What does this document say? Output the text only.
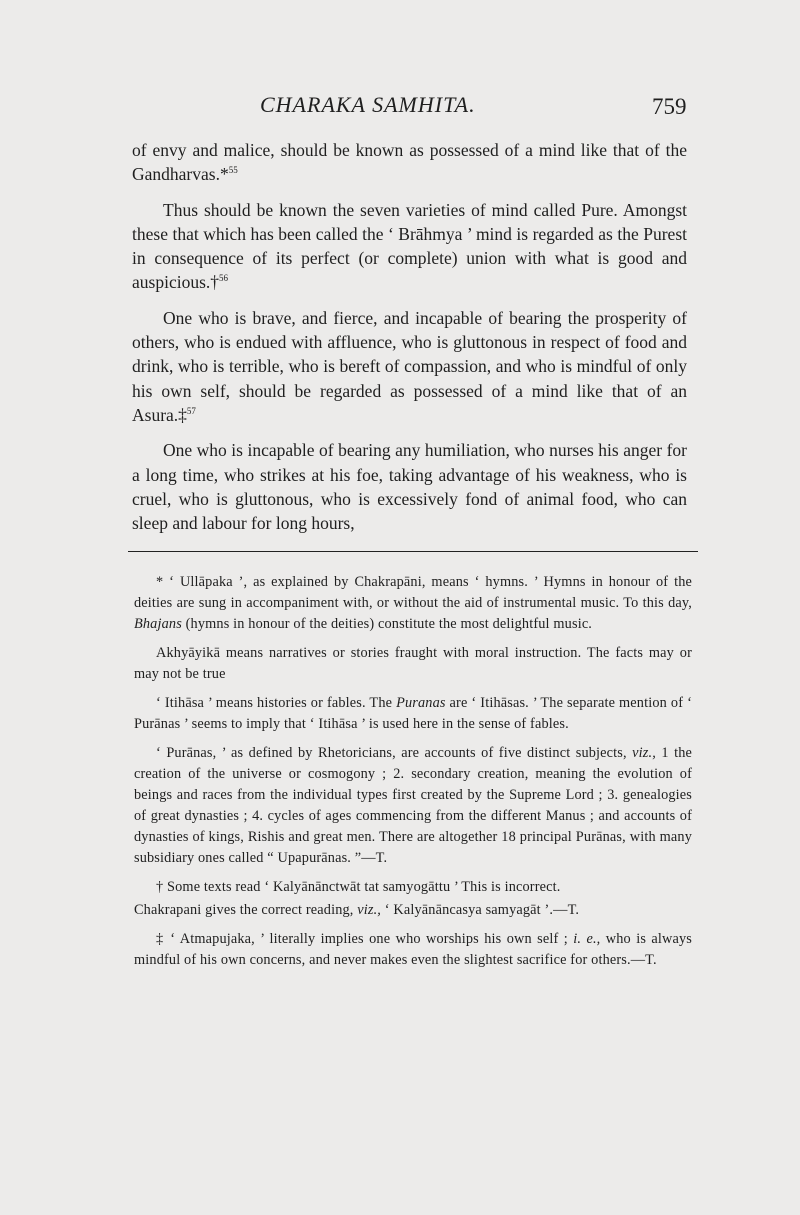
CHARAKA SAMHITA.	759

of envy and malice, should be known as possessed of a mind like that of the Gandharvas.*$^{55}$

Thus should be known the seven varieties of mind called Pure. Amongst these that which has been called the ‘ Brāhmya ’ mind is regarded as the Purest in consequence of its perfect (or complete) union with what is good and auspicious.†$^{56}$

One who is brave, and fierce, and incapable of bearing the prosperity of others, who is endued with affluence, who is gluttonous in respect of food and drink, who is terrible, who is bereft of compassion, and who is mindful of only his own self, should be regarded as possessed of a mind like that of an Asura.‡$^{57}$

One who is incapable of bearing any humiliation, who nurses his anger for a long time, who strikes at his foe, taking advantage of his weakness, who is cruel, who is gluttonous, who is excessively fond of animal food, who can sleep and labour for long hours,

* ‘ Ullāpaka ’, as explained by Chakrapāni, means ‘ hymns. ’ Hymns in honour of the deities are sung in accompaniment with, or without the aid of instrumental music. To this day, Bhajans (hymns in honour of the deities) constitute the most delightful music.

Akhyāyikā means narratives or stories fraught with moral instruction. The facts may or may not be true

‘ Itihāsa ’ means histories or fables. The Puranas are ‘ Itihāsas. ’ The separate mention of ‘ Purānas ’ seems to imply that ‘ Itihāsa ’ is used here in the sense of fables.

‘ Purānas, ’ as defined by Rhetoricians, are accounts of five distinct subjects, viz., 1 the creation of the universe or cosmogony ; 2. secondary creation, meaning the evolution of beings and races from the individual types first created by the Supreme Lord ; 3. genealogies of great dynasties ; 4. cycles of ages commencing from the different Manus ; and accounts of dynasties of kings, Rishis and great men. There are altogether 18 principal Purānas, with many subsidiary ones called “ Upapurānas. ”—T.

† Some texts read ‘ Kalyānānctwāt tat samyogāttu ’ This is incorrect.

Chakrapani gives the correct reading, viz., ‘ Kalyānāncasya samyagāt ’.—T.

‡ ‘ Atmapujaka, ’ literally implies one who worships his own self ; i. e., who is always mindful of his own concerns, and never makes even the slightest sacrifice for others.—T.
